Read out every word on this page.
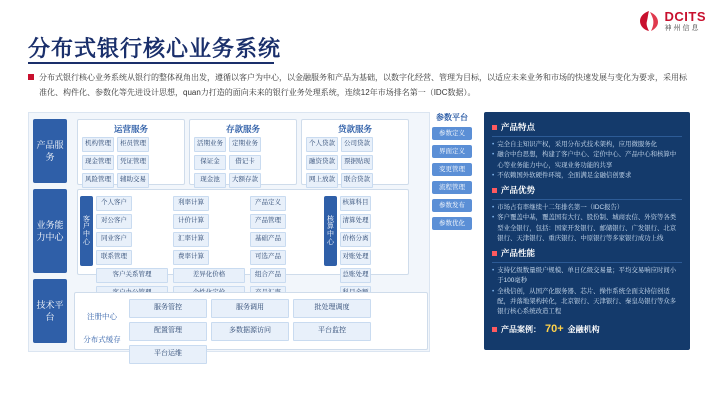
DCITS
神州信息
分布式银行核心业务系统
分布式银行核心业务系统从银行的整体视角出发，遵循以客户为中心，以金融服务和产品为基础，以数字化经营、管理为目标，以适应未来业务和市场的快速发展与变化为要求，采用标准化、构件化、参数化等先进设计思想，quan力打造的面向未来的银行业务处理系统，连续12年市场排名第一（IDC数据）。
产品服务
业务能力中心
技术平台
运营服务
机构管理	柜员管理
现金管理	凭证管理
风险管理	辅助交易
存款服务
活期业务	定期业务
保证金	借记卡
现金池	大额存款
贷款服务
个人贷款	公司贷款
融资贷款	票据贴现
网上放款	联合贷款
客户中心
核算中心
个人客户
对公客户
同业客户
联系管理
客户关系管理
利率计算
计价计算
汇率计算
费率计算
差异化价格
产品定义
产品管理
基础产品
可选产品
组合产品
核算科目
清算处理
价格分离
对账处理
总账处理
注册中心
分布式缓存
服务管控	服务调用	批处理调度
配置管理	多数据源访问	平台监控
平台运维
参数平台
参数定义
界面定义
变更管理
流程管理
参数发布
参数优化
产品特点
• 完全自主知识产权，采用分布式技术架构，应用微服务化
• 融合中台思想，构建了客户中心、定价中心、产品中心和核算中心等业务能力中心，实现业务功能的共享
• 不依赖国外软硬件环境，全面满足金融信创要求
产品优势
• 市场占有率继续十二年排名第一（IDC报告）
• 客户覆盖中基，覆盖国有大行、股份制、城商农信、外资等各类型业全银行，包括：国家开发银行、邮储银行、广发银行、北京银行、天津银行、重庆银行、中原银行等多家银行成功上线
产品性能
• 支持亿级数量级户规模、单日亿级交易量；平均交易响应时间小于100毫秒
• 全栈信创，从国产化服务器、芯片、操作系统全面支持信创适配，并落地架构转化，北京银行、天津银行、秦皇岛银行等众多银行核心系统改造工程
产品案例： 70+ 金融机构
